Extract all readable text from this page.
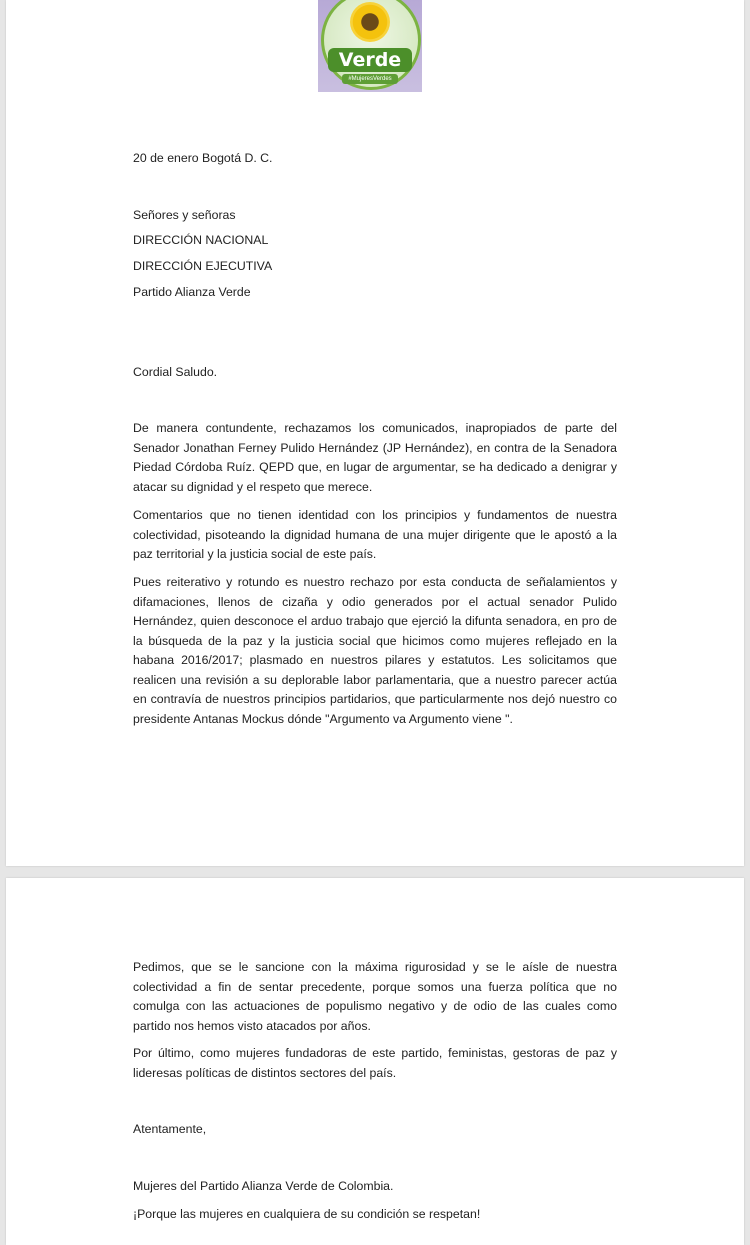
Verde
#MujeresVerdes

20 de enero Bogotá D. C.

Señores y señoras

DIRECCIÓN NACIONAL

DIRECCIÓN EJECUTIVA

Partido Alianza Verde

Cordial Saludo.

De manera contundente, rechazamos los comunicados, inapropiados de parte del Senador Jonathan Ferney Pulido Hernández (JP Hernández), en contra de la Senadora Piedad Córdoba Ruíz. QEPD que, en lugar de argumentar, se ha dedicado a denigrar y atacar su dignidad y el respeto que merece.

Comentarios que no tienen identidad con los principios y fundamentos de nuestra colectividad, pisoteando la dignidad humana de una mujer dirigente que le apostó a la paz territorial y la justicia social de este país.

Pues reiterativo y rotundo es nuestro rechazo por esta conducta de señalamientos y difamaciones, llenos de cizaña y odio generados por el actual senador Pulido Hernández, quien desconoce el arduo trabajo que ejerció la difunta senadora, en pro de la búsqueda de la paz y la justicia social que hicimos como mujeres reflejado en la habana 2016/2017; plasmado en nuestros pilares y estatutos. Les solicitamos que realicen una revisión a su deplorable labor parlamentaria, que a nuestro parecer actúa en contravía de nuestros principios partidarios, que particularmente nos dejó nuestro co presidente Antanas Mockus dónde "Argumento va Argumento viene ".

Pedimos, que se le sancione con la máxima rigurosidad y se le aísle de nuestra colectividad a fin de sentar precedente, porque somos una fuerza política que no comulga con las actuaciones de populismo negativo y de odio de las cuales como partido nos hemos visto atacados por años.

Por último, como mujeres fundadoras de este partido, feministas, gestoras de paz y lideresas políticas de distintos sectores del país.

Atentamente,

Mujeres del Partido Alianza Verde de Colombia.

¡Porque las mujeres en cualquiera de su condición se respetan!
